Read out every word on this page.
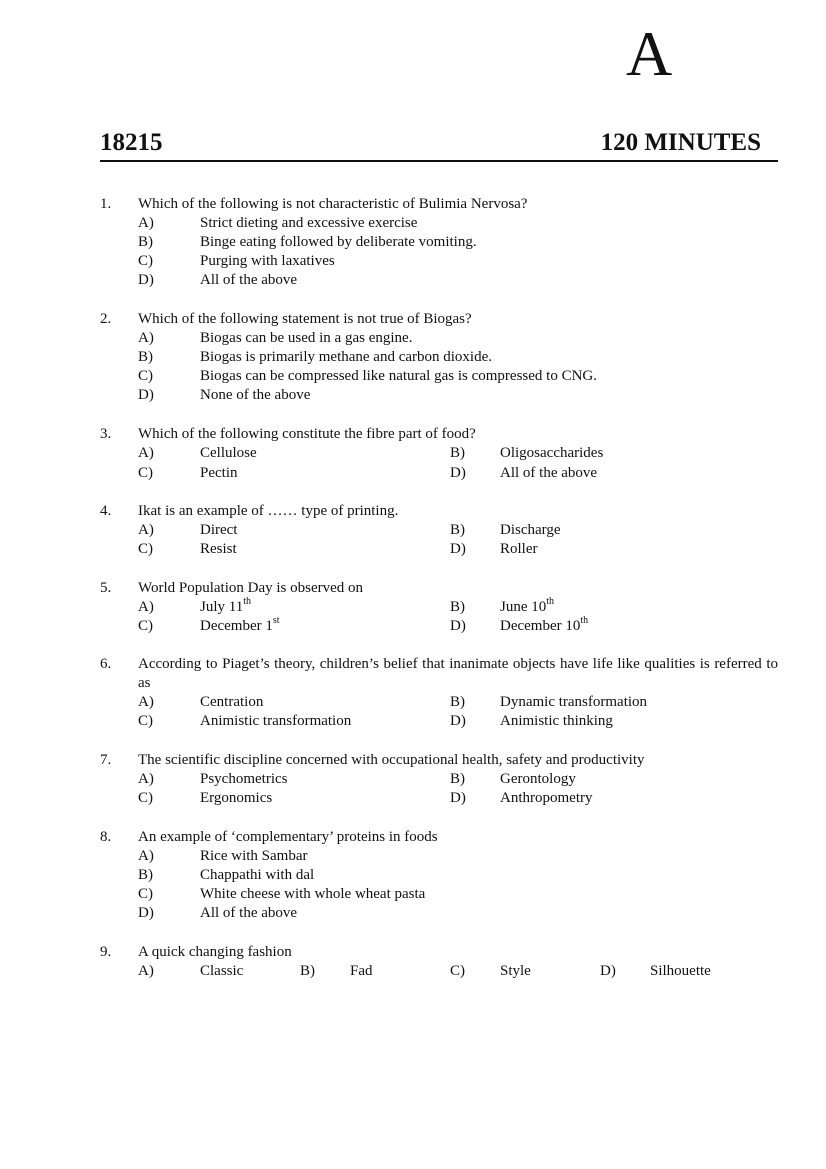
A
18215	120 MINUTES
1. Which of the following is not characteristic of Bulimia Nervosa?
A)	Strict dieting and excessive exercise
B)	Binge eating followed by deliberate vomiting.
C)	Purging with laxatives
D)	All of the above
2. Which of the following statement is not true of Biogas?
A)	Biogas can be used in a gas engine.
B)	Biogas is primarily methane and carbon dioxide.
C)	Biogas can be compressed like natural gas is compressed to CNG.
D)	None of the above
3. Which of the following constitute the fibre part of food?
A)	Cellulose	B) Oligosaccharides
C)	Pectin	D) All of the above
4. Ikat is an example of …… type of printing.
A)	Direct	B) Discharge
C)	Resist	D) Roller
5. World Population Day is observed on
A)	July 11th	B) June 10th
C)	December 1st	D) December 10th
6. According to Piaget’s theory, children’s belief that inanimate objects have life like qualities is referred to as
A)	Centration	B) Dynamic transformation
C)	Animistic transformation	D) Animistic thinking
7. The scientific discipline concerned with occupational health, safety and productivity
A)	Psychometrics	B) Gerontology
C)	Ergonomics	D) Anthropometry
8. An example of ‘complementary’ proteins in foods
A)	Rice with Sambar
B)	Chappathi with dal
C)	White cheese with whole wheat pasta
D)	All of the above
9. A quick changing fashion
A)	Classic	B) Fad	C) Style	D) Silhouette
